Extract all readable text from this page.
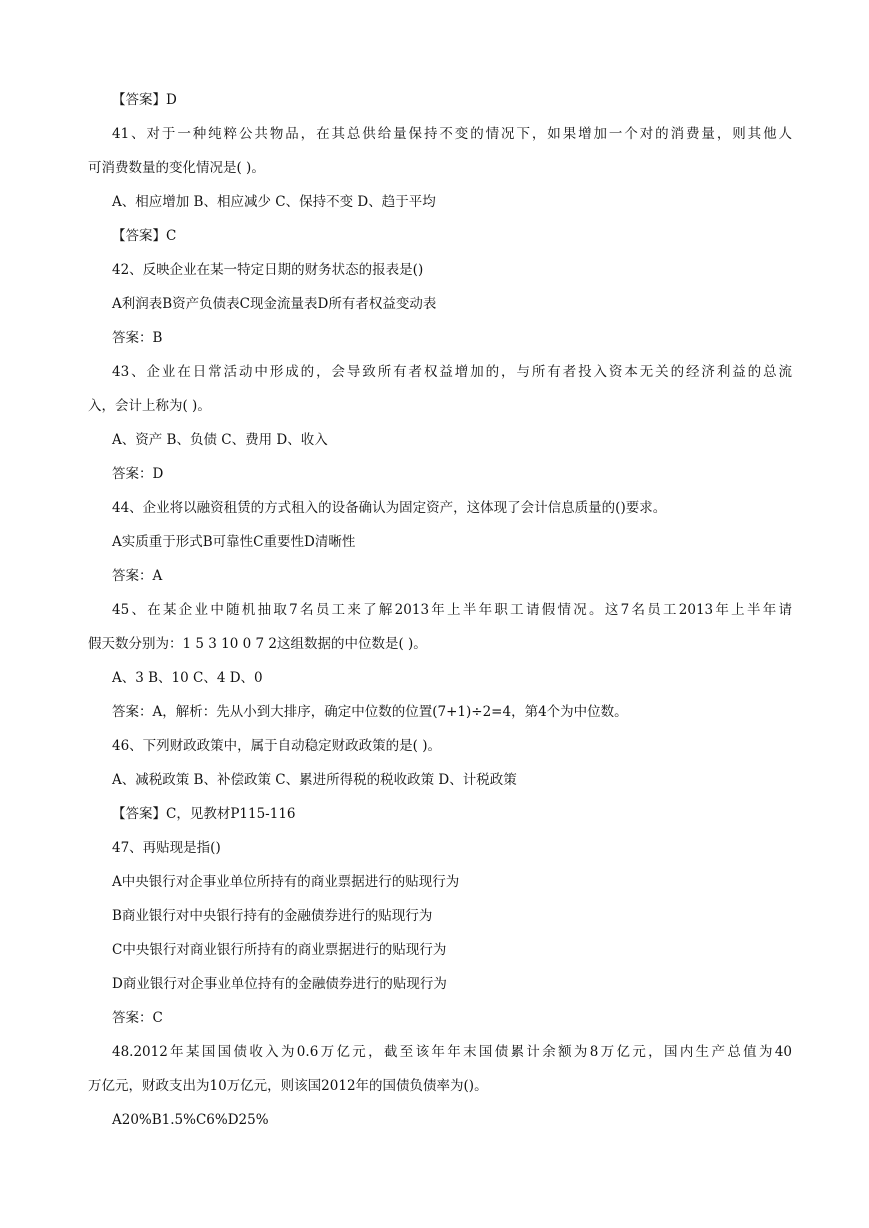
【答案】D
41、对于一种纯粹公共物品，在其总供给量保持不变的情况下，如果增加一个对的消费量，则其他人
可消费数量的变化情况是( )。
A、相应增加 B、相应减少 C、保持不变 D、趋于平均
【答案】C
42、反映企业在某一特定日期的财务状态的报表是()
A利润表B资产负债表C现金流量表D所有者权益变动表
答案：B
43、企业在日常活动中形成的，会导致所有者权益增加的，与所有者投入资本无关的经济利益的总流
入，会计上称为( )。
A、资产 B、负债 C、费用 D、收入
答案：D
44、企业将以融资租赁的方式租入的设备确认为固定资产，这体现了会计信息质量的()要求。
A实质重于形式B可靠性C重要性D清晰性
答案：A
45、在某企业中随机抽取7名员工来了解2013年上半年职工请假情况。这7名员工2013年上半年请
假天数分别为：1 5 3 10 0 7 2这组数据的中位数是( )。
A、3 B、10 C、4 D、0
答案：A，解析：先从小到大排序，确定中位数的位置(7+1)÷2=4，第4个为中位数。
46、下列财政政策中，属于自动稳定财政政策的是( )。
A、减税政策 B、补偿政策 C、累进所得税的税收政策 D、计税政策
【答案】C，见教材P115-116
47、再贴现是指()
A中央银行对企事业单位所持有的商业票据进行的贴现行为
B商业银行对中央银行持有的金融债券进行的贴现行为
C中央银行对商业银行所持有的商业票据进行的贴现行为
D商业银行对企事业单位持有的金融债券进行的贴现行为
答案：C
48.2012年某国国债收入为0.6万亿元，截至该年年末国债累计余额为8万亿元，国内生产总值为40
万亿元，财政支出为10万亿元，则该国2012年的国债负债率为()。
A20%B1.5%C6%D25%
